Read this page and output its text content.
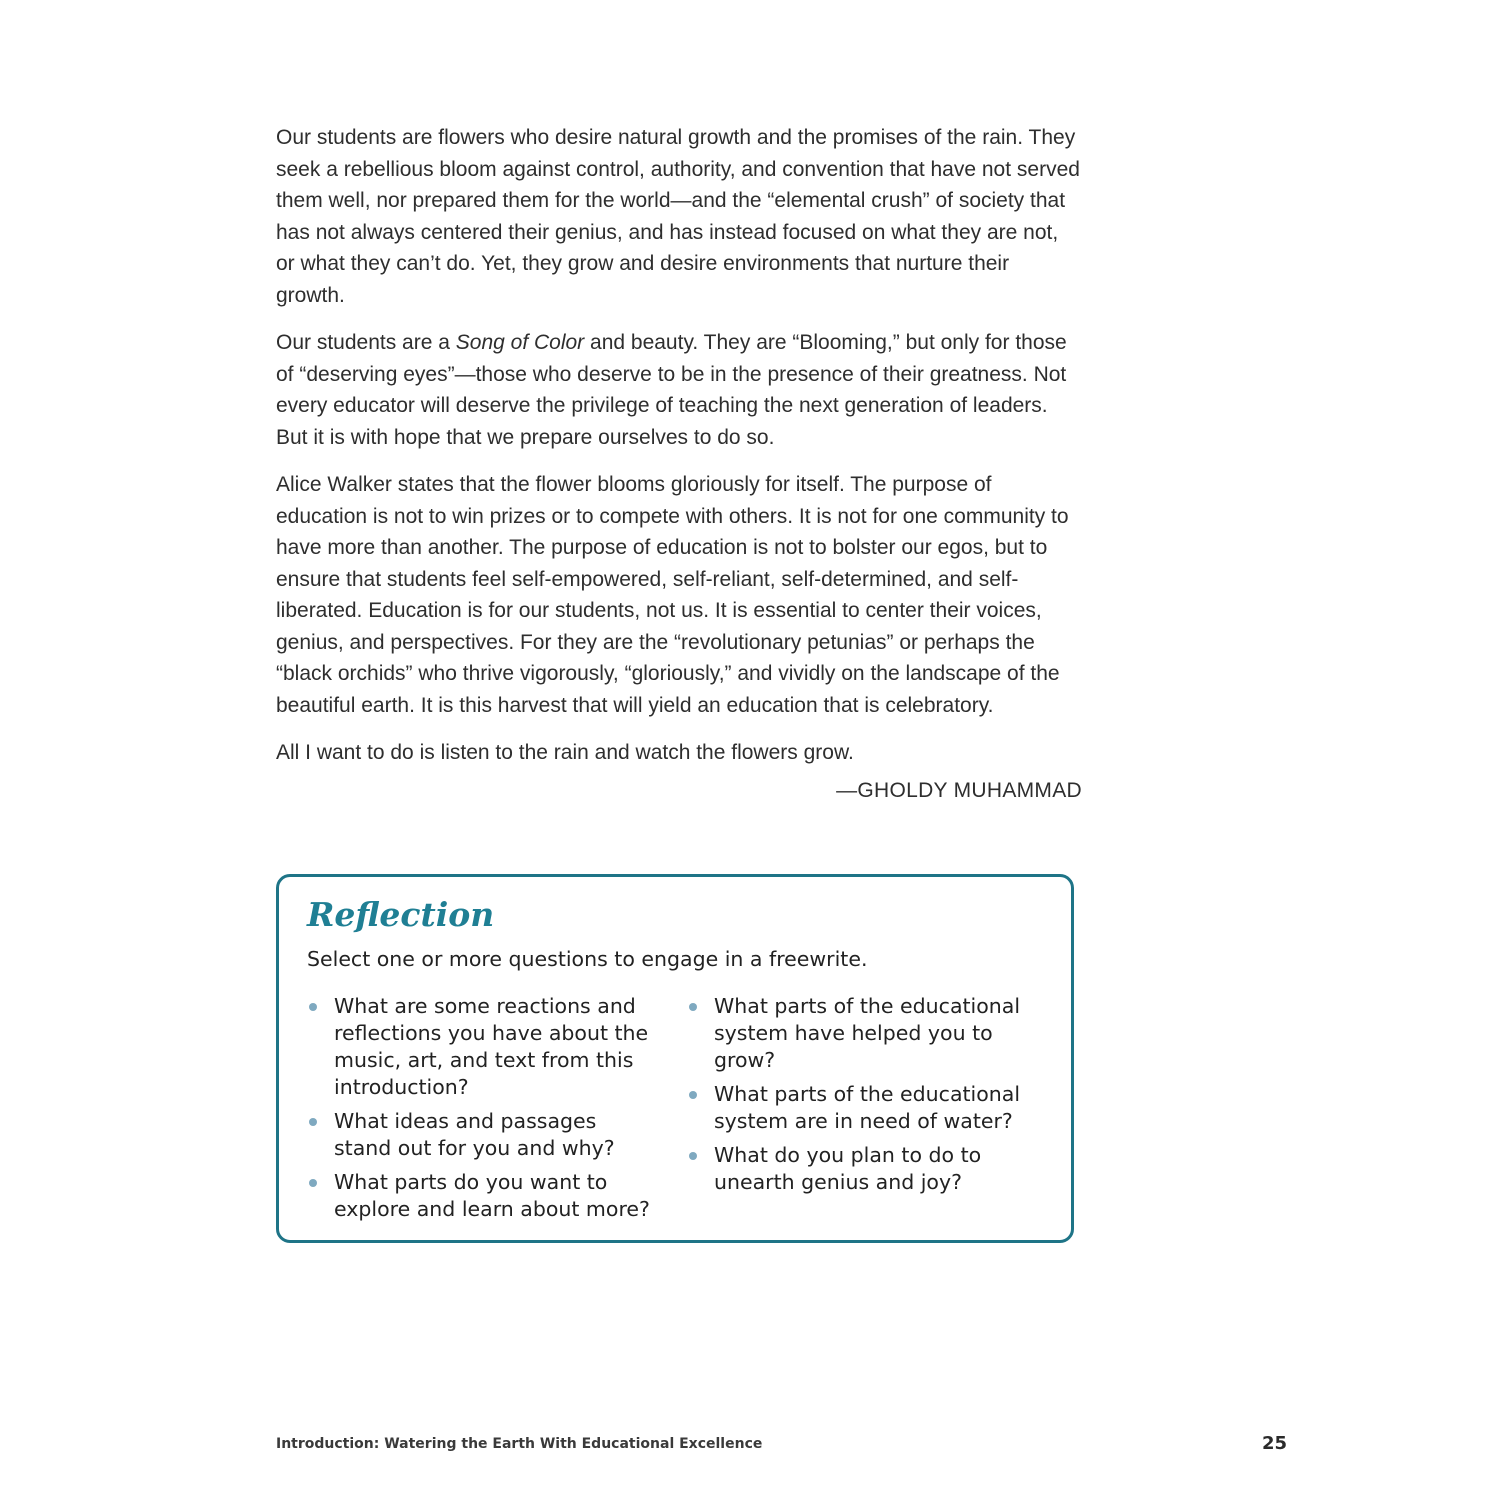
Our students are flowers who desire natural growth and the promises of the rain. They seek a rebellious bloom against control, authority, and convention that have not served them well, nor prepared them for the world—and the “elemental crush” of society that has not always centered their genius, and has instead focused on what they are not, or what they can’t do. Yet, they grow and desire environments that nurture their growth.

Our students are a Song of Color and beauty. They are “Blooming,” but only for those of “deserving eyes”—those who deserve to be in the presence of their greatness. Not every educator will deserve the privilege of teaching the next generation of leaders. But it is with hope that we prepare ourselves to do so.

Alice Walker states that the flower blooms gloriously for itself. The purpose of education is not to win prizes or to compete with others. It is not for one community to have more than another. The purpose of education is not to bolster our egos, but to ensure that students feel self-empowered, self-reliant, self-determined, and self-liberated. Education is for our students, not us. It is essential to center their voices, genius, and perspectives. For they are the “revolutionary petunias” or perhaps the “black orchids” who thrive vigorously, “gloriously,” and vividly on the landscape of the beautiful earth. It is this harvest that will yield an education that is celebratory.

All I want to do is listen to the rain and watch the flowers grow.

—GHOLDY MUHAMMAD

Reflection

Select one or more questions to engage in a freewrite.

What are some reactions and reflections you have about the music, art, and text from this introduction?
What ideas and passages stand out for you and why?
What parts do you want to explore and learn about more?
What parts of the educational system have helped you to grow?
What parts of the educational system are in need of water?
What do you plan to do to unearth genius and joy?
Introduction: Watering the Earth With Educational Excellence	25
